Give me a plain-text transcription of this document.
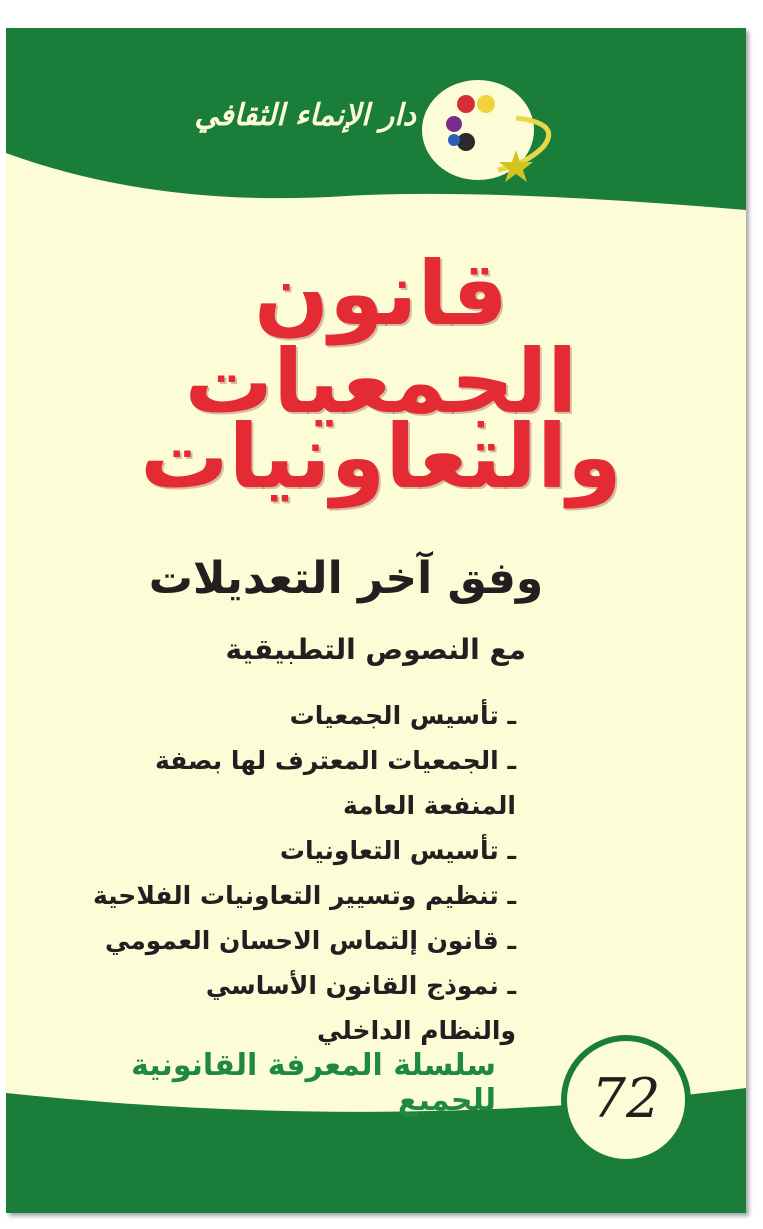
دار الإنماء الثقافي
قانون الجمعيات
والتعاونيات
وفق آخر التعديلات
مع النصوص التطبيقية
ـ تأسيس الجمعيات
ـ الجمعيات المعترف لها بصفة
المنفعة العامة
ـ تأسيس التعاونيات
ـ تنظيم وتسيير التعاونيات الفلاحية
ـ قانون إلتماس الاحسان العمومي
ـ نموذج القانون الأساسي
والنظام الداخلي
سلسلة المعرفة القانونية للجميع	72
